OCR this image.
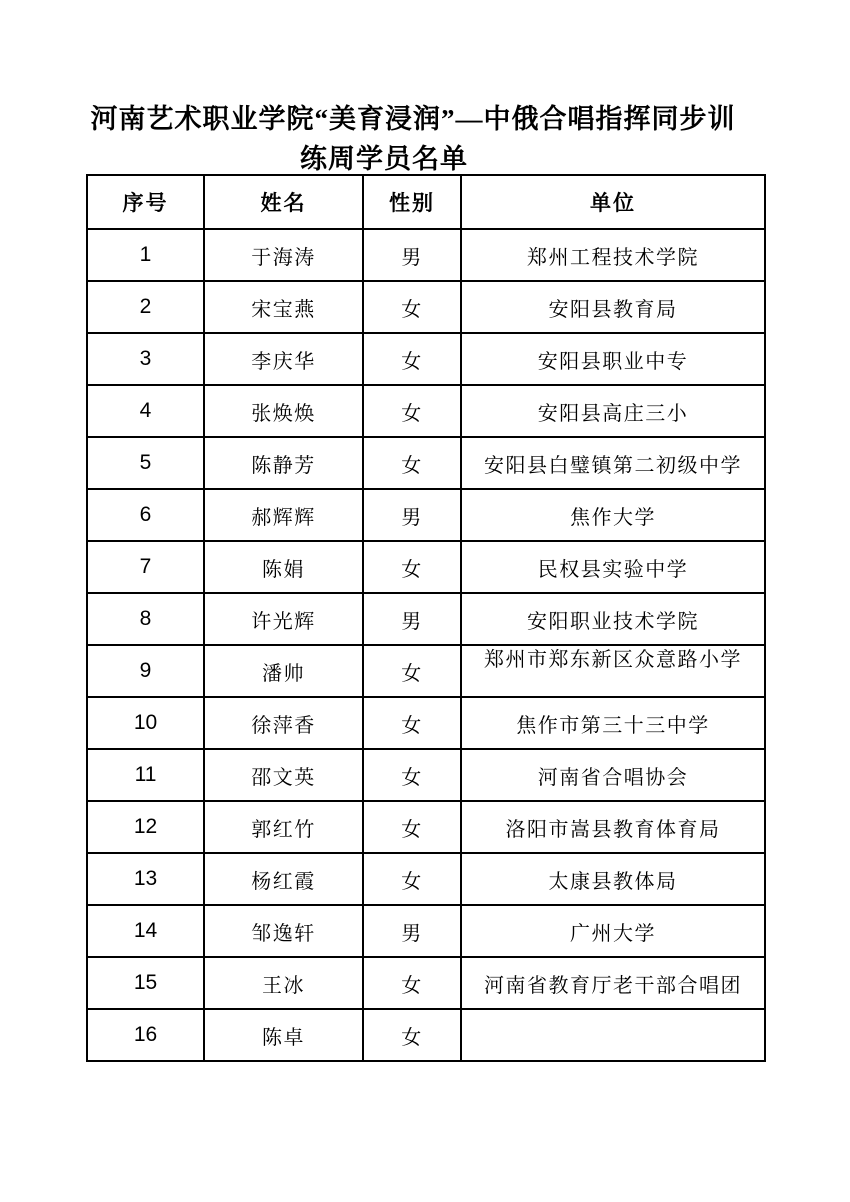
河南艺术职业学院“美育浸润”—中俄合唱指挥同步训
练周学员名单
序号	姓名	性别	单位
1	于海涛	男	郑州工程技术学院
2	宋宝燕	女	安阳县教育局
3	李庆华	女	安阳县职业中专
4	张焕焕	女	安阳县高庄三小
5	陈静芳	女	安阳县白璧镇第二初级中学
6	郝辉辉	男	焦作大学
7	陈娟	女	民权县实验中学
8	许光辉	男	安阳职业技术学院
9	潘帅	女	郑州市郑东新区众意路小学
10	徐萍香	女	焦作市第三十三中学
11	邵文英	女	河南省合唱协会
12	郭红竹	女	洛阳市嵩县教育体育局
13	杨红霞	女	太康县教体局
14	邹逸轩	男	广州大学
15	王冰	女	河南省教育厅老干部合唱团
16	陈卓	女	
